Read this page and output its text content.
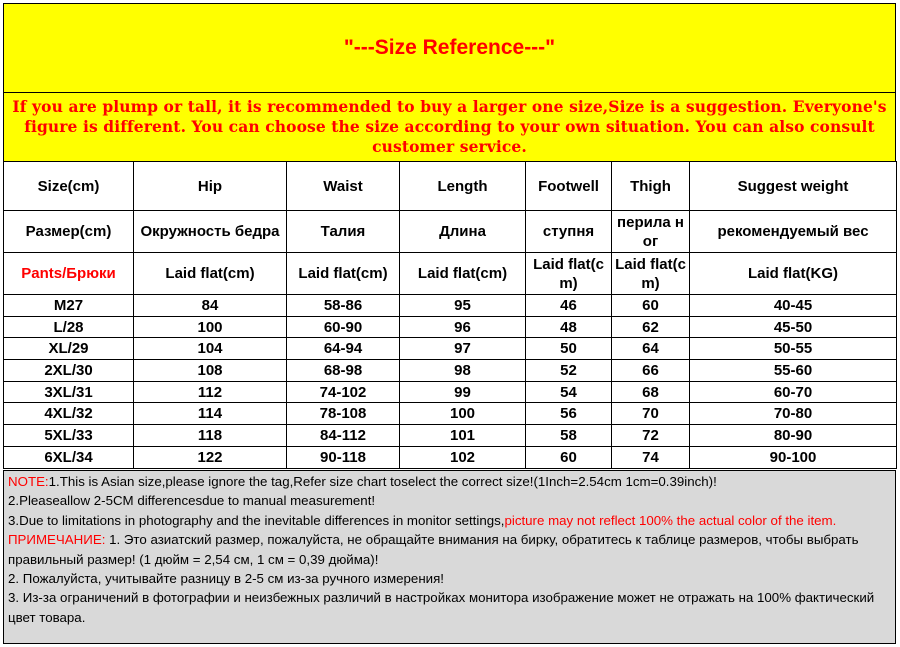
"---Size Reference---"
If you are plump or tall, it is recommended to buy a larger one size,Size is a suggestion. Everyone's figure is different. You can choose the size according to your own situation. You can also consult customer service.
Size(cm)	Hip	Waist	Length	Footwell	Thigh	Suggest weight
Размер(cm)	Окружность бедра	Талия	Длина	ступня	перила ног	рекомендуемый вес
Pants/Брюки	Laid flat(cm)	Laid flat(cm)	Laid flat(cm)	Laid flat(cm)	Laid flat(cm)	Laid flat(KG)
M27	84	58-86	95	46	60	40-45
L/28	100	60-90	96	48	62	45-50
XL/29	104	64-94	97	50	64	50-55
2XL/30	108	68-98	98	52	66	55-60
3XL/31	112	74-102	99	54	68	60-70
4XL/32	114	78-108	100	56	70	70-80
5XL/33	118	84-112	101	58	72	80-90
6XL/34	122	90-118	102	60	74	90-100
NOTE:1.This is Asian size,please ignore the tag,Refer size chart toselect the correct size!(1Inch=2.54cm 1cm=0.39inch)!
2.Pleaseallow 2-5CM differencesdue to manual measurement!
3.Due to limitations in photography and the inevitable differences in monitor settings,picture may not reflect 100% the actual color of the item.
ПРИМЕЧАНИЕ: 1. Это азиатский размер, пожалуйста, не обращайте внимания на бирку, обратитесь к таблице размеров, чтобы выбрать правильный размер! (1 дюйм = 2,54 см, 1 см = 0,39 дюйма)!
2. Пожалуйста, учитывайте разницу в 2-5 см из-за ручного измерения!
3. Из-за ограничений в фотографии и неизбежных различий в настройках монитора изображение может не отражать на 100% фактический цвет товара.
